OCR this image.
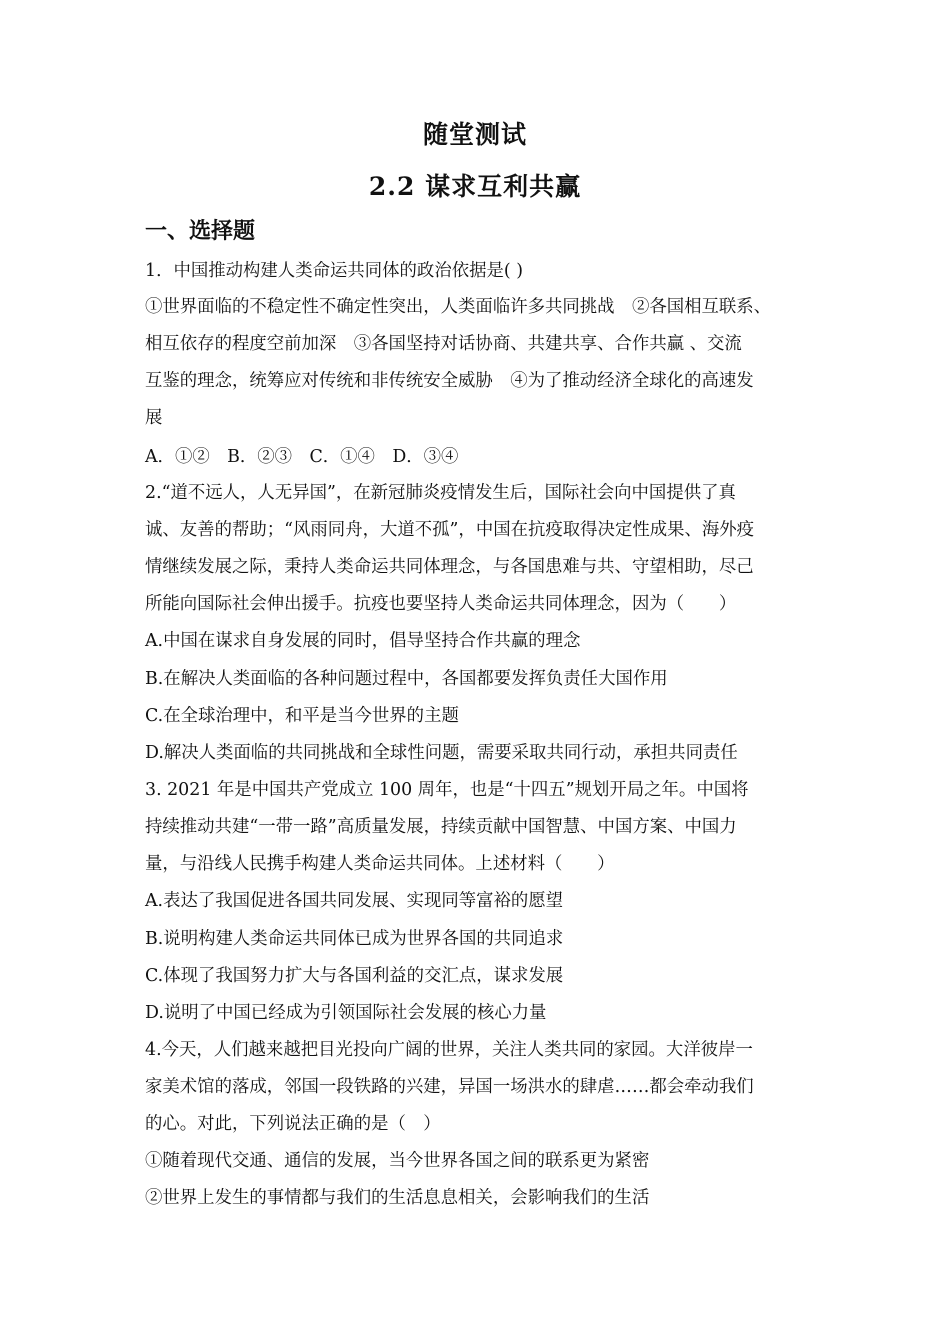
随堂测试
2.2 谋求互利共赢
一、选择题
1．中国推动构建人类命运共同体的政治依据是( )
①世界面临的不稳定性不确定性突出，人类面临许多共同挑战　②各国相互联系、
相互依存的程度空前加深　③各国坚持对话协商、共建共享、合作共赢 、交流
互鉴的理念，统筹应对传统和非传统安全威胁　④为了推动经济全球化的高速发
展
A．①②　B．②③　C．①④　D．③④
2.“道不远人，人无异国”，在新冠肺炎疫情发生后，国际社会向中国提供了真
诚、友善的帮助；“风雨同舟，大道不孤”，中国在抗疫取得决定性成果、海外疫
情继续发展之际，秉持人类命运共同体理念，与各国患难与共、守望相助，尽己
所能向国际社会伸出援手。抗疫也要坚持人类命运共同体理念，因为（　　）
A.中国在谋求自身发展的同时，倡导坚持合作共赢的理念
B.在解决人类面临的各种问题过程中，各国都要发挥负责任大国作用
C.在全球治理中，和平是当今世界的主题
D.解决人类面临的共同挑战和全球性问题，需要采取共同行动，承担共同责任
3. 2021 年是中国共产党成立 100 周年，也是“十四五”规划开局之年。中国将
持续推动共建“一带一路”高质量发展，持续贡献中国智慧、中国方案、中国力
量，与沿线人民携手构建人类命运共同体。上述材料（　　）
A.表达了我国促进各国共同发展、实现同等富裕的愿望
B.说明构建人类命运共同体已成为世界各国的共同追求
C.体现了我国努力扩大与各国利益的交汇点，谋求发展
D.说明了中国已经成为引领国际社会发展的核心力量
4.今天，人们越来越把目光投向广阔的世界，关注人类共同的家园。大洋彼岸一
家美术馆的落成，邻国一段铁路的兴建，异国一场洪水的肆虐……都会牵动我们
的心。对此，下列说法正确的是（　）
①随着现代交通、通信的发展，当今世界各国之间的联系更为紧密
②世界上发生的事情都与我们的生活息息相关，会影响我们的生活
